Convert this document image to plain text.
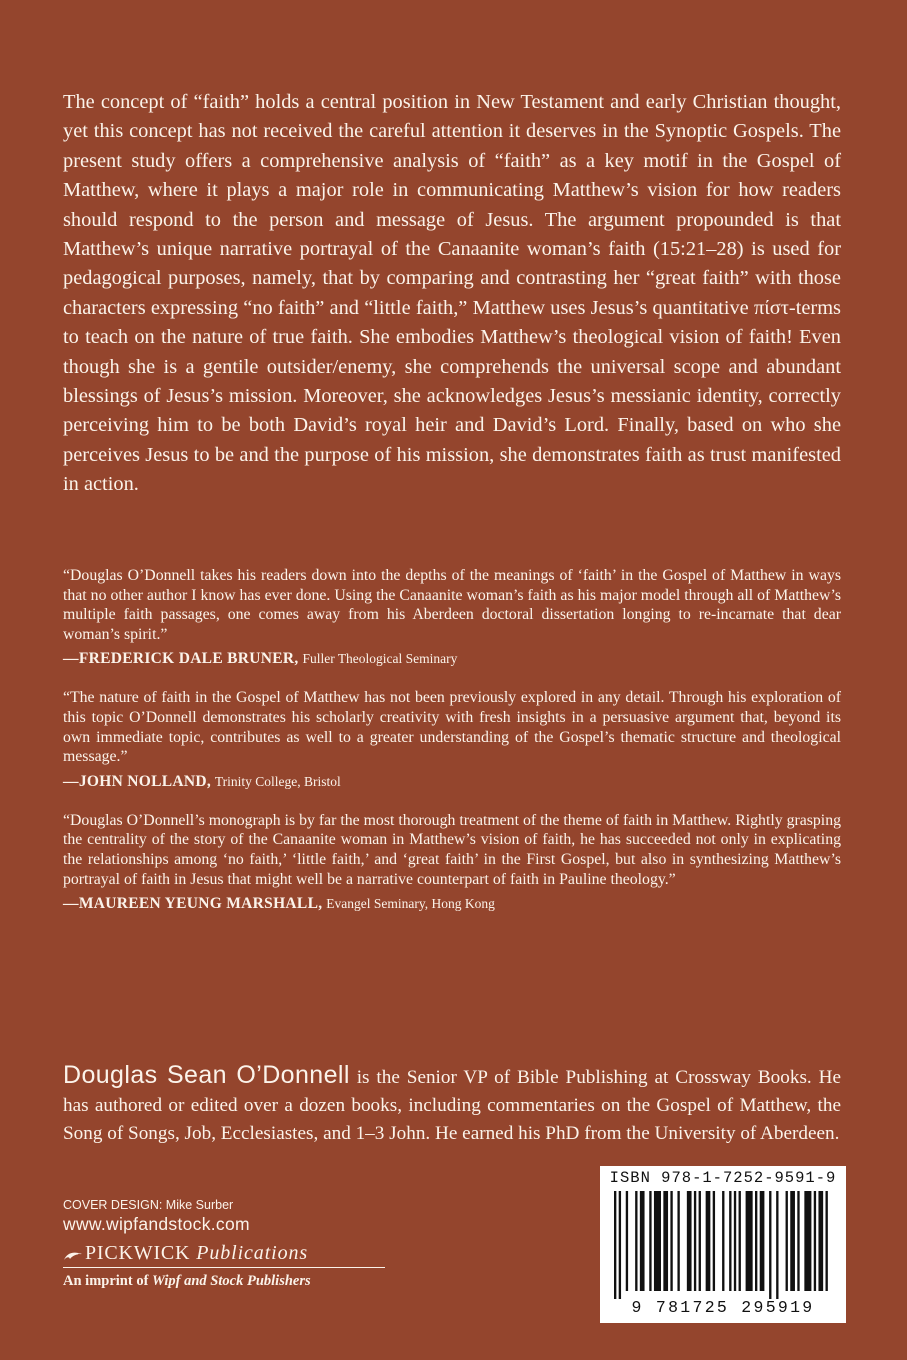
The concept of “faith” holds a central position in New Testament and early Christian thought, yet this concept has not received the careful attention it deserves in the Synoptic Gospels. The present study offers a comprehensive analysis of “faith” as a key motif in the Gospel of Matthew, where it plays a major role in communicating Matthew’s vision for how readers should respond to the person and message of Jesus. The argument propounded is that Matthew’s unique narrative portrayal of the Canaanite woman’s faith (15:21–28) is used for pedagogical purposes, namely, that by comparing and contrasting her “great faith” with those characters expressing “no faith” and “little faith,” Matthew uses Jesus’s quantitative πίστ-terms to teach on the nature of true faith. She embodies Matthew’s theological vision of faith! Even though she is a gentile outsider/enemy, she comprehends the universal scope and abundant blessings of Jesus’s mission. Moreover, she acknowledges Jesus’s messianic identity, correctly perceiving him to be both David’s royal heir and David’s Lord. Finally, based on who she perceives Jesus to be and the purpose of his mission, she demonstrates faith as trust manifested in action.

“Douglas O’Donnell takes his readers down into the depths of the meanings of ‘faith’ in the Gospel of Matthew in ways that no other author I know has ever done. Using the Canaanite woman’s faith as his major model through all of Matthew’s multiple faith passages, one comes away from his Aberdeen doctoral dissertation longing to re-incarnate that dear woman’s spirit.”

—FREDERICK DALE BRUNER, Fuller Theological Seminary

“The nature of faith in the Gospel of Matthew has not been previously explored in any detail. Through his exploration of this topic O’Donnell demonstrates his scholarly creativity with fresh insights in a persuasive argument that, beyond its own immediate topic, contributes as well to a greater understanding of the Gospel’s thematic structure and theological message.”

—JOHN NOLLAND, Trinity College, Bristol

“Douglas O’Donnell’s monograph is by far the most thorough treatment of the theme of faith in Matthew. Rightly grasping the centrality of the story of the Canaanite woman in Matthew’s vision of faith, he has succeeded not only in explicating the relationships among ‘no faith,’ ‘little faith,’ and ‘great faith’ in the First Gospel, but also in synthesizing Matthew’s portrayal of faith in Jesus that might well be a narrative counterpart of faith in Pauline theology.”

—MAUREEN YEUNG MARSHALL, Evangel Seminary, Hong Kong

Douglas Sean O’Donnell is the Senior VP of Bible Publishing at Crossway Books. He has authored or edited over a dozen books, including commentaries on the Gospel of Matthew, the Song of Songs, Job, Ecclesiastes, and 1–3 John. He earned his PhD from the University of Aberdeen.

COVER DESIGN: Mike Surber

www.wipfandstock.com

PICKWICK Publications

An imprint of Wipf and Stock Publishers

ISBN 978-1-7252-9591-9
9 781725 295919
